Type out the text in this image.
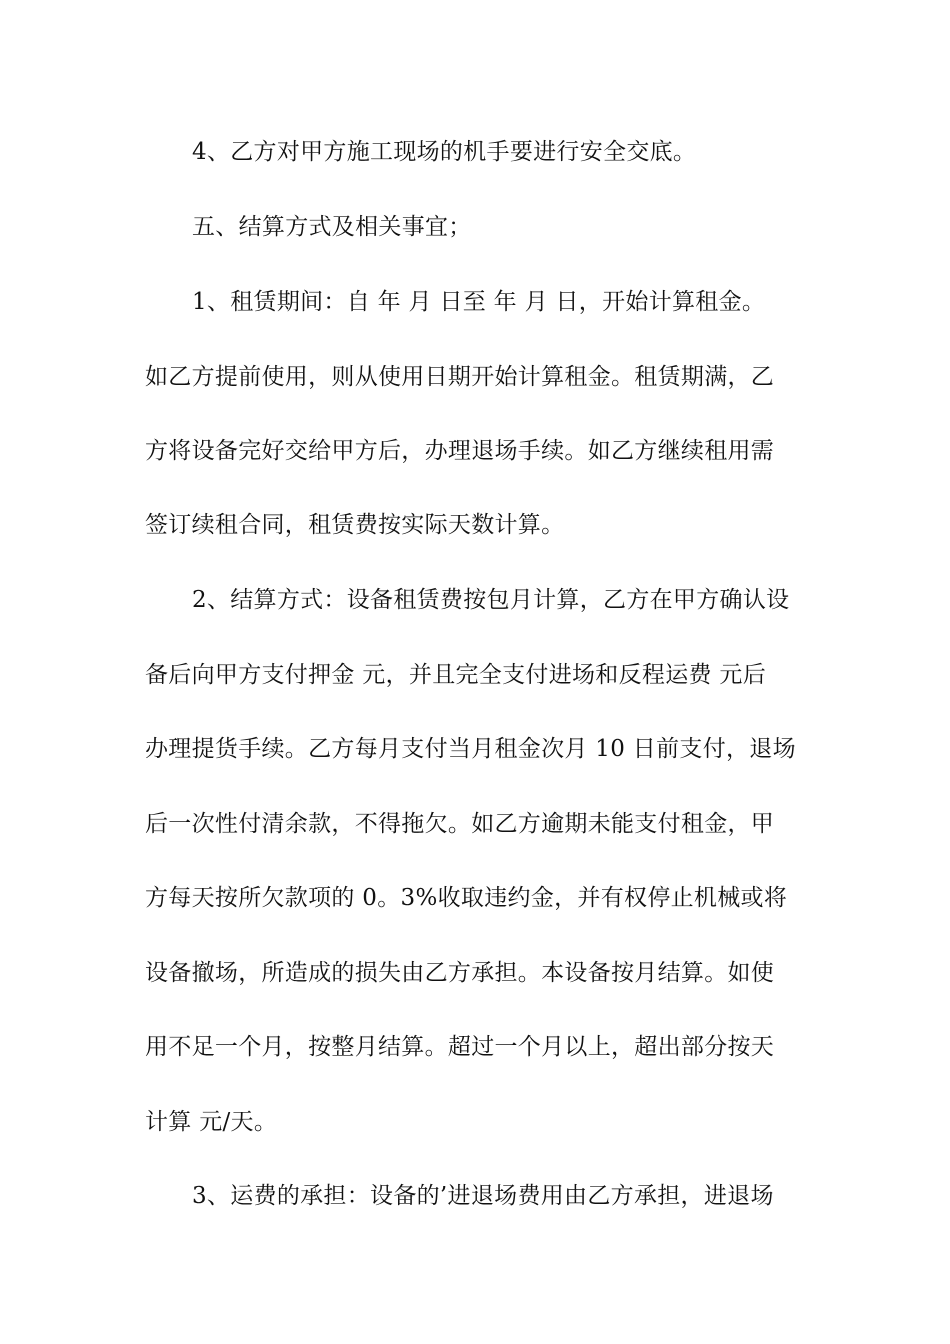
4、乙方对甲方施工现场的机手要进行安全交底。
五、结算方式及相关事宜；
1、租赁期间：自 年 月 日至 年 月 日，开始计算租金。
如乙方提前使用，则从使用日期开始计算租金。租赁期满，乙
方将设备完好交给甲方后，办理退场手续。如乙方继续租用需
签订续租合同，租赁费按实际天数计算。
2、结算方式：设备租赁费按包月计算，乙方在甲方确认设
备后向甲方支付押金 元，并且完全支付进场和反程运费 元后
办理提货手续。乙方每月支付当月租金次月 10 日前支付，退场
后一次性付清余款，不得拖欠。如乙方逾期未能支付租金，甲
方每天按所欠款项的 0。3%收取违约金，并有权停止机械或将
设备撤场，所造成的损失由乙方承担。本设备按月结算。如使
用不足一个月，按整月结算。超过一个月以上，超出部分按天
计算 元/天。
3、运费的承担：设备的’进退场费用由乙方承担，进退场
